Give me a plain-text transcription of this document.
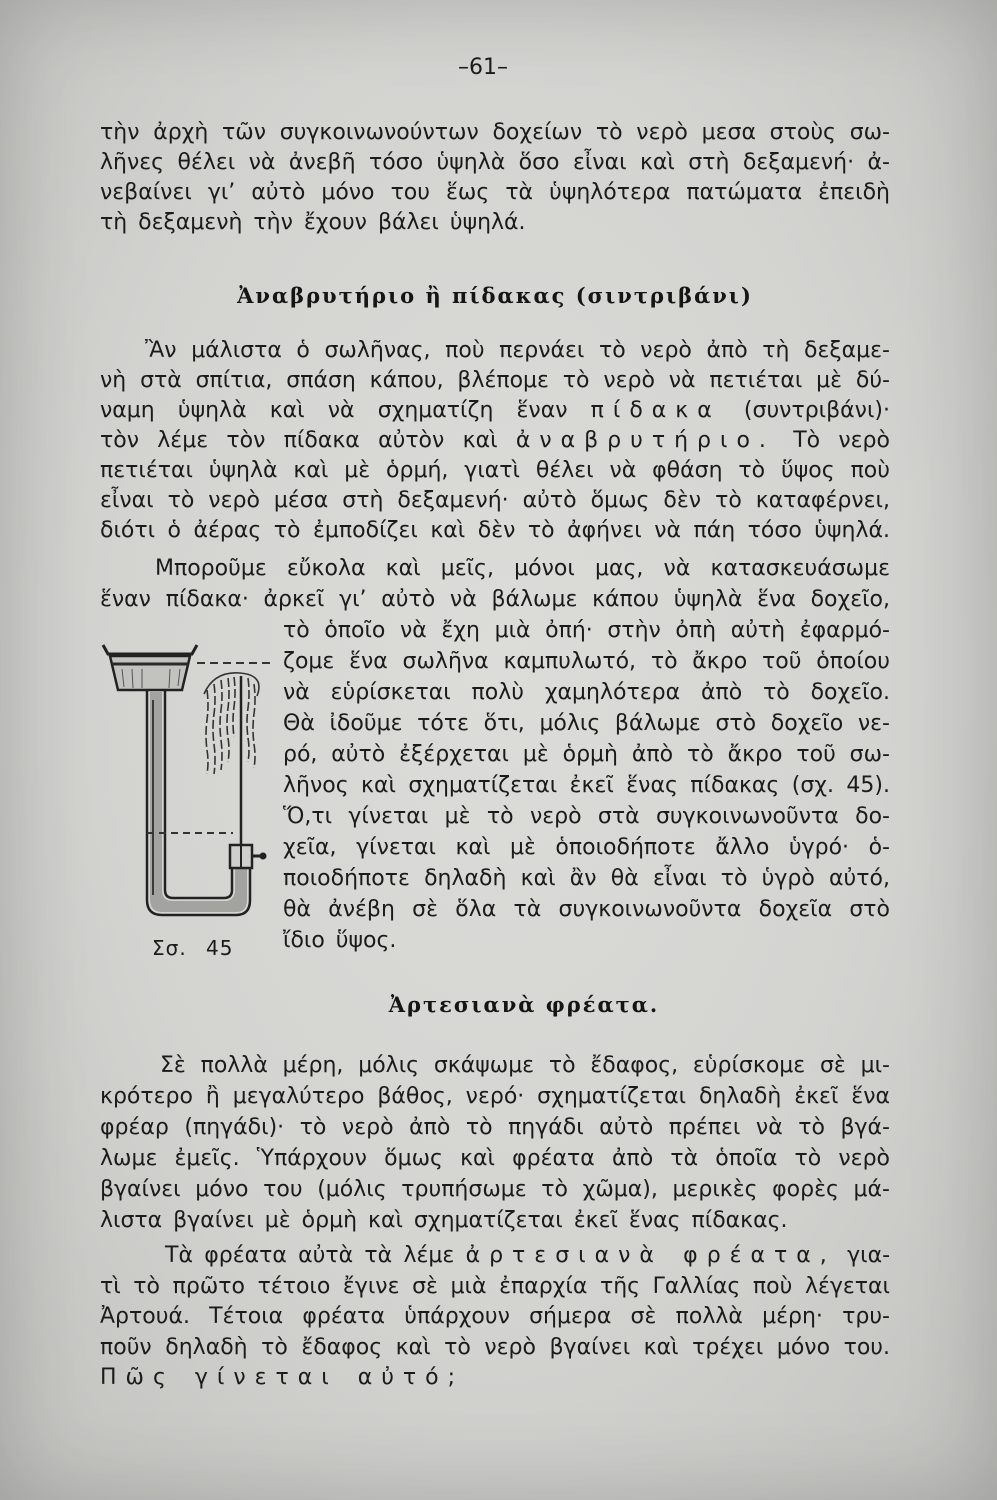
–61–
τὴν ἀρχὴ τῶν συγκοινωνούντων δοχείων τὸ νερὸ μεσα στοὺς σω-
λῆνες θέλει νὰ ἀνεβῆ τόσο ὑψηλὰ ὅσο εἶναι καὶ στὴ δεξαμενή· ἀ-
νεβαίνει γι’ αὐτὸ μόνο του ἕως τὰ ὑψηλότερα πατώματα ἐπειδὴ
τὴ δεξαμενὴ τὴν ἔχουν βάλει ὑψηλά.
Ἀναβρυτήριο ἢ πίδακας (σιντριβάνι)
Ἂν μάλιστα ὁ σωλῆνας, ποὺ περνάει τὸ νερὸ ἀπὸ τὴ δεξαμε-
νὴ στὰ σπίτια, σπάση κάπου, βλέπομε τὸ νερὸ νὰ πετιέται μὲ δύ-
ναμη ὑψηλὰ καὶ νὰ σχηματίζη ἕναν πίδακα (συντριβάνι)·
τὸν λέμε τὸν πίδακα αὐτὸν καὶ ἀναβρυτήριο. Τὸ νερὸ
πετιέται ὑψηλὰ καὶ μὲ ὁρμή, γιατὶ θέλει νὰ φθάση τὸ ὕψος ποὺ
εἶναι τὸ νερὸ μέσα στὴ δεξαμενή· αὐτὸ ὅμως δὲν τὸ καταφέρνει,
διότι ὁ ἀέρας τὸ ἐμποδίζει καὶ δὲν τὸ ἀφήνει νὰ πάη τόσο ὑψηλά.
Μποροῦμε εὔκολα καὶ μεῖς, μόνοι μας, νὰ κατασκευάσωμε
ἕναν πίδακα· ἀρκεῖ γι’ αὐτὸ νὰ βάλωμε κάπου ὑψηλὰ ἕνα δοχεῖο,
τὸ ὁποῖο νὰ ἔχη μιὰ ὀπή· στὴν ὀπὴ αὐτὴ ἐφαρμό-
ζομε ἕνα σωλῆνα καμπυλωτό, τὸ ἄκρο τοῦ ὁποίου
νὰ εὑρίσκεται πολὺ χαμηλότερα ἀπὸ τὸ δοχεῖο.
Θὰ ἰδοῦμε τότε ὅτι, μόλις βάλωμε στὸ δοχεῖο νε-
ρό, αὐτὸ ἐξέρχεται μὲ ὁρμὴ ἀπὸ τὸ ἄκρο τοῦ σω-
λῆνος καὶ σχηματίζεται ἐκεῖ ἕνας πίδακας (σχ. 45).
Ὅ,τι γίνεται μὲ τὸ νερὸ στὰ συγκοινωνοῦντα δο-
χεῖα, γίνεται καὶ μὲ ὁποιοδήποτε ἄλλο ὑγρό· ὁ-
ποιοδήποτε δηλαδὴ καὶ ἂν θὰ εἶναι τὸ ὑγρὸ αὐτό,
θὰ ἀνέβη σὲ ὅλα τὰ συγκοινωνοῦντα δοχεῖα στὸ
ἴδιο ὕψος.
Σσ. 45
Ἀρτεσιανὰ φρέατα.
Σὲ πολλὰ μέρη, μόλις σκάψωμε τὸ ἔδαφος, εὑρίσκομε σὲ μι-
κρότερο ἢ μεγαλύτερο βάθος, νερό· σχηματίζεται δηλαδὴ ἐκεῖ ἕνα
φρέαρ (πηγάδι)· τὸ νερὸ ἀπὸ τὸ πηγάδι αὐτὸ πρέπει νὰ τὸ βγά-
λωμε ἐμεῖς. Ὑπάρχουν ὅμως καὶ φρέατα ἀπὸ τὰ ὁποῖα τὸ νερὸ
βγαίνει μόνο του (μόλις τρυπήσωμε τὸ χῶμα), μερικὲς φορὲς μά-
λιστα βγαίνει μὲ ὁρμὴ καὶ σχηματίζεται ἐκεῖ ἕνας πίδακας.
Τὰ φρέατα αὐτὰ τὰ λέμε ἀρτεσιανὰ φρέατα, για-
τὶ τὸ πρῶτο τέτοιο ἔγινε σὲ μιὰ ἐπαρχία τῆς Γαλλίας ποὺ λέγεται
Ἀρτουά. Τέτοια φρέατα ὑπάρχουν σήμερα σὲ πολλὰ μέρη· τρυ-
ποῦν δηλαδὴ τὸ ἔδαφος καὶ τὸ νερὸ βγαίνει καὶ τρέχει μόνο του.
Πῶς γίνεται αὐτό;
